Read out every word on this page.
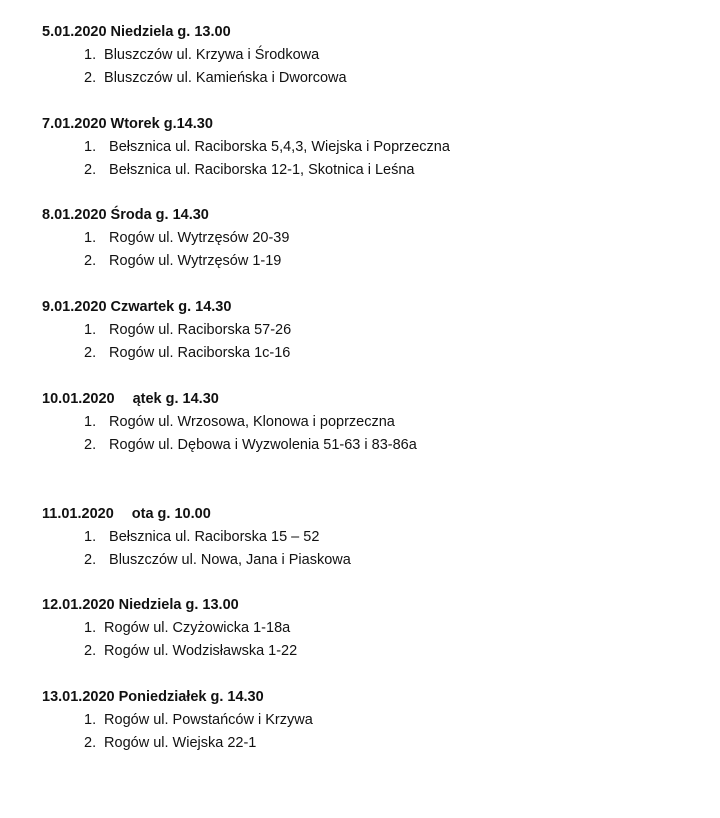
5.01.2020 Niedziela g. 13.00
1. Bluszczów ul. Krzywa i Środkowa
2. Bluszczów ul. Kamieńska i Dworcowa
7.01.2020 Wtorek g.14.30
1. Bełsznica ul. Raciborska 5,4,3, Wiejska i Poprzeczna
2. Bełsznica ul. Raciborska 12-1, Skotnica i Leśna
8.01.2020 Środa g. 14.30
1. Rogów ul. Wytrzęsów 20-39
2. Rogów ul. Wytrzęsów 1-19
9.01.2020 Czwartek g. 14.30
1. Rogów ul. Raciborska 57-26
2. Rogów ul. Raciborska 1c-16
10.01.2020 ątek g. 14.30
1. Rogów ul. Wrzosowa, Klonowa i poprzeczna
2. Rogów ul. Dębowa i Wyzwolenia 51-63 i 83-86a
11.01.2020 ota g. 10.00
1. Bełsznica ul. Raciborska 15 – 52
2. Bluszczów ul. Nowa, Jana i Piaskowa
12.01.2020 Niedziela g. 13.00
1. Rogów ul. Czyżowicka 1-18a
2. Rogów ul. Wodzisławska 1-22
13.01.2020 Poniedziałek g. 14.30
1. Rogów ul. Powstańców i Krzywa
2. Rogów ul. Wiejska 22-1
